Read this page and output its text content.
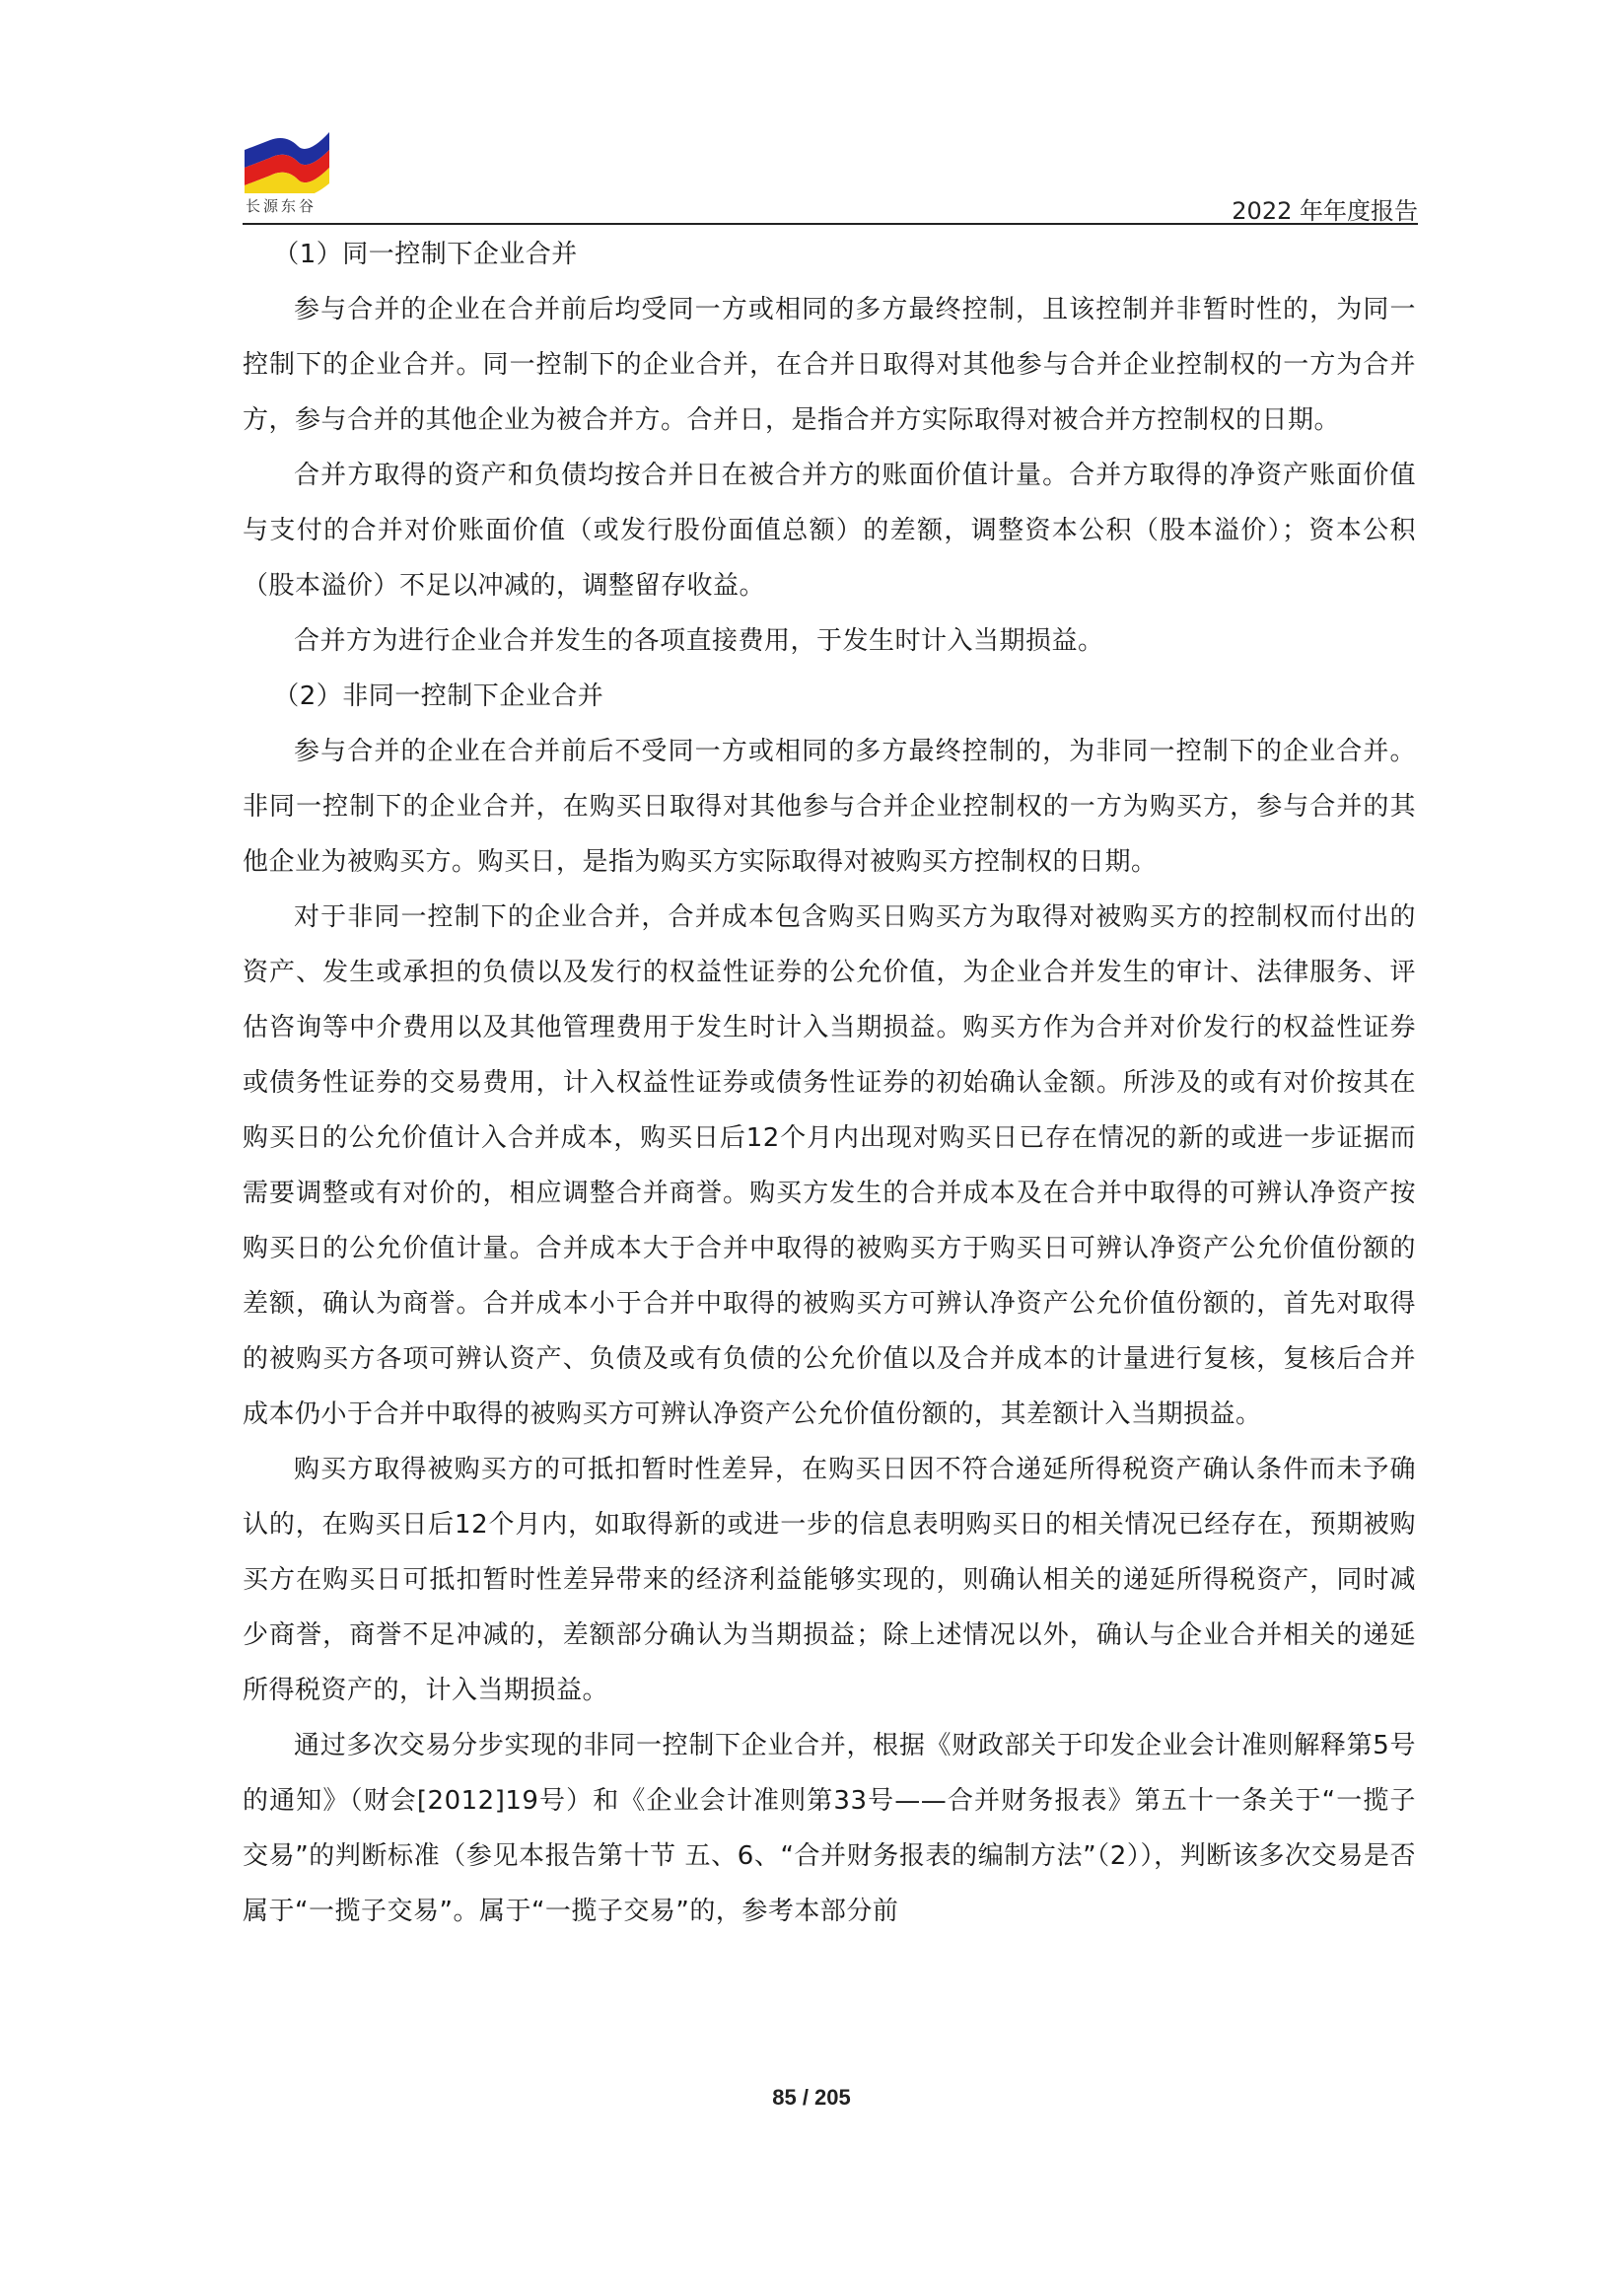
长源东谷	2022 年年度报告

（1）同一控制下企业合并

参与合并的企业在合并前后均受同一方或相同的多方最终控制，且该控制并非暂时性的，为同一控制下的企业合并。同一控制下的企业合并，在合并日取得对其他参与合并企业控制权的一方为合并方，参与合并的其他企业为被合并方。合并日，是指合并方实际取得对被合并方控制权的日期。

合并方取得的资产和负债均按合并日在被合并方的账面价值计量。合并方取得的净资产账面价值与支付的合并对价账面价值（或发行股份面值总额）的差额，调整资本公积（股本溢价）；资本公积（股本溢价）不足以冲减的，调整留存收益。

合并方为进行企业合并发生的各项直接费用，于发生时计入当期损益。

（2）非同一控制下企业合并

参与合并的企业在合并前后不受同一方或相同的多方最终控制的，为非同一控制下的企业合并。非同一控制下的企业合并，在购买日取得对其他参与合并企业控制权的一方为购买方，参与合并的其他企业为被购买方。购买日，是指为购买方实际取得对被购买方控制权的日期。

对于非同一控制下的企业合并，合并成本包含购买日购买方为取得对被购买方的控制权而付出的资产、发生或承担的负债以及发行的权益性证券的公允价值，为企业合并发生的审计、法律服务、评估咨询等中介费用以及其他管理费用于发生时计入当期损益。购买方作为合并对价发行的权益性证券或债务性证券的交易费用，计入权益性证券或债务性证券的初始确认金额。所涉及的或有对价按其在购买日的公允价值计入合并成本，购买日后12个月内出现对购买日已存在情况的新的或进一步证据而需要调整或有对价的，相应调整合并商誉。购买方发生的合并成本及在合并中取得的可辨认净资产按购买日的公允价值计量。合并成本大于合并中取得的被购买方于购买日可辨认净资产公允价值份额的差额，确认为商誉。合并成本小于合并中取得的被购买方可辨认净资产公允价值份额的，首先对取得的被购买方各项可辨认资产、负债及或有负债的公允价值以及合并成本的计量进行复核，复核后合并成本仍小于合并中取得的被购买方可辨认净资产公允价值份额的，其差额计入当期损益。

购买方取得被购买方的可抵扣暂时性差异，在购买日因不符合递延所得税资产确认条件而未予确认的，在购买日后12个月内，如取得新的或进一步的信息表明购买日的相关情况已经存在，预期被购买方在购买日可抵扣暂时性差异带来的经济利益能够实现的，则确认相关的递延所得税资产，同时减少商誉，商誉不足冲减的，差额部分确认为当期损益；除上述情况以外，确认与企业合并相关的递延所得税资产的，计入当期损益。

通过多次交易分步实现的非同一控制下企业合并，根据《财政部关于印发企业会计准则解释第5号的通知》（财会[2012]19号）和《企业会计准则第33号——合并财务报表》第五十一条关于“一揽子交易”的判断标准（参见本报告第十节 五、6、“合并财务报表的编制方法”（2）），判断该多次交易是否属于“一揽子交易”。属于“一揽子交易”的，参考本部分前

85 / 205
